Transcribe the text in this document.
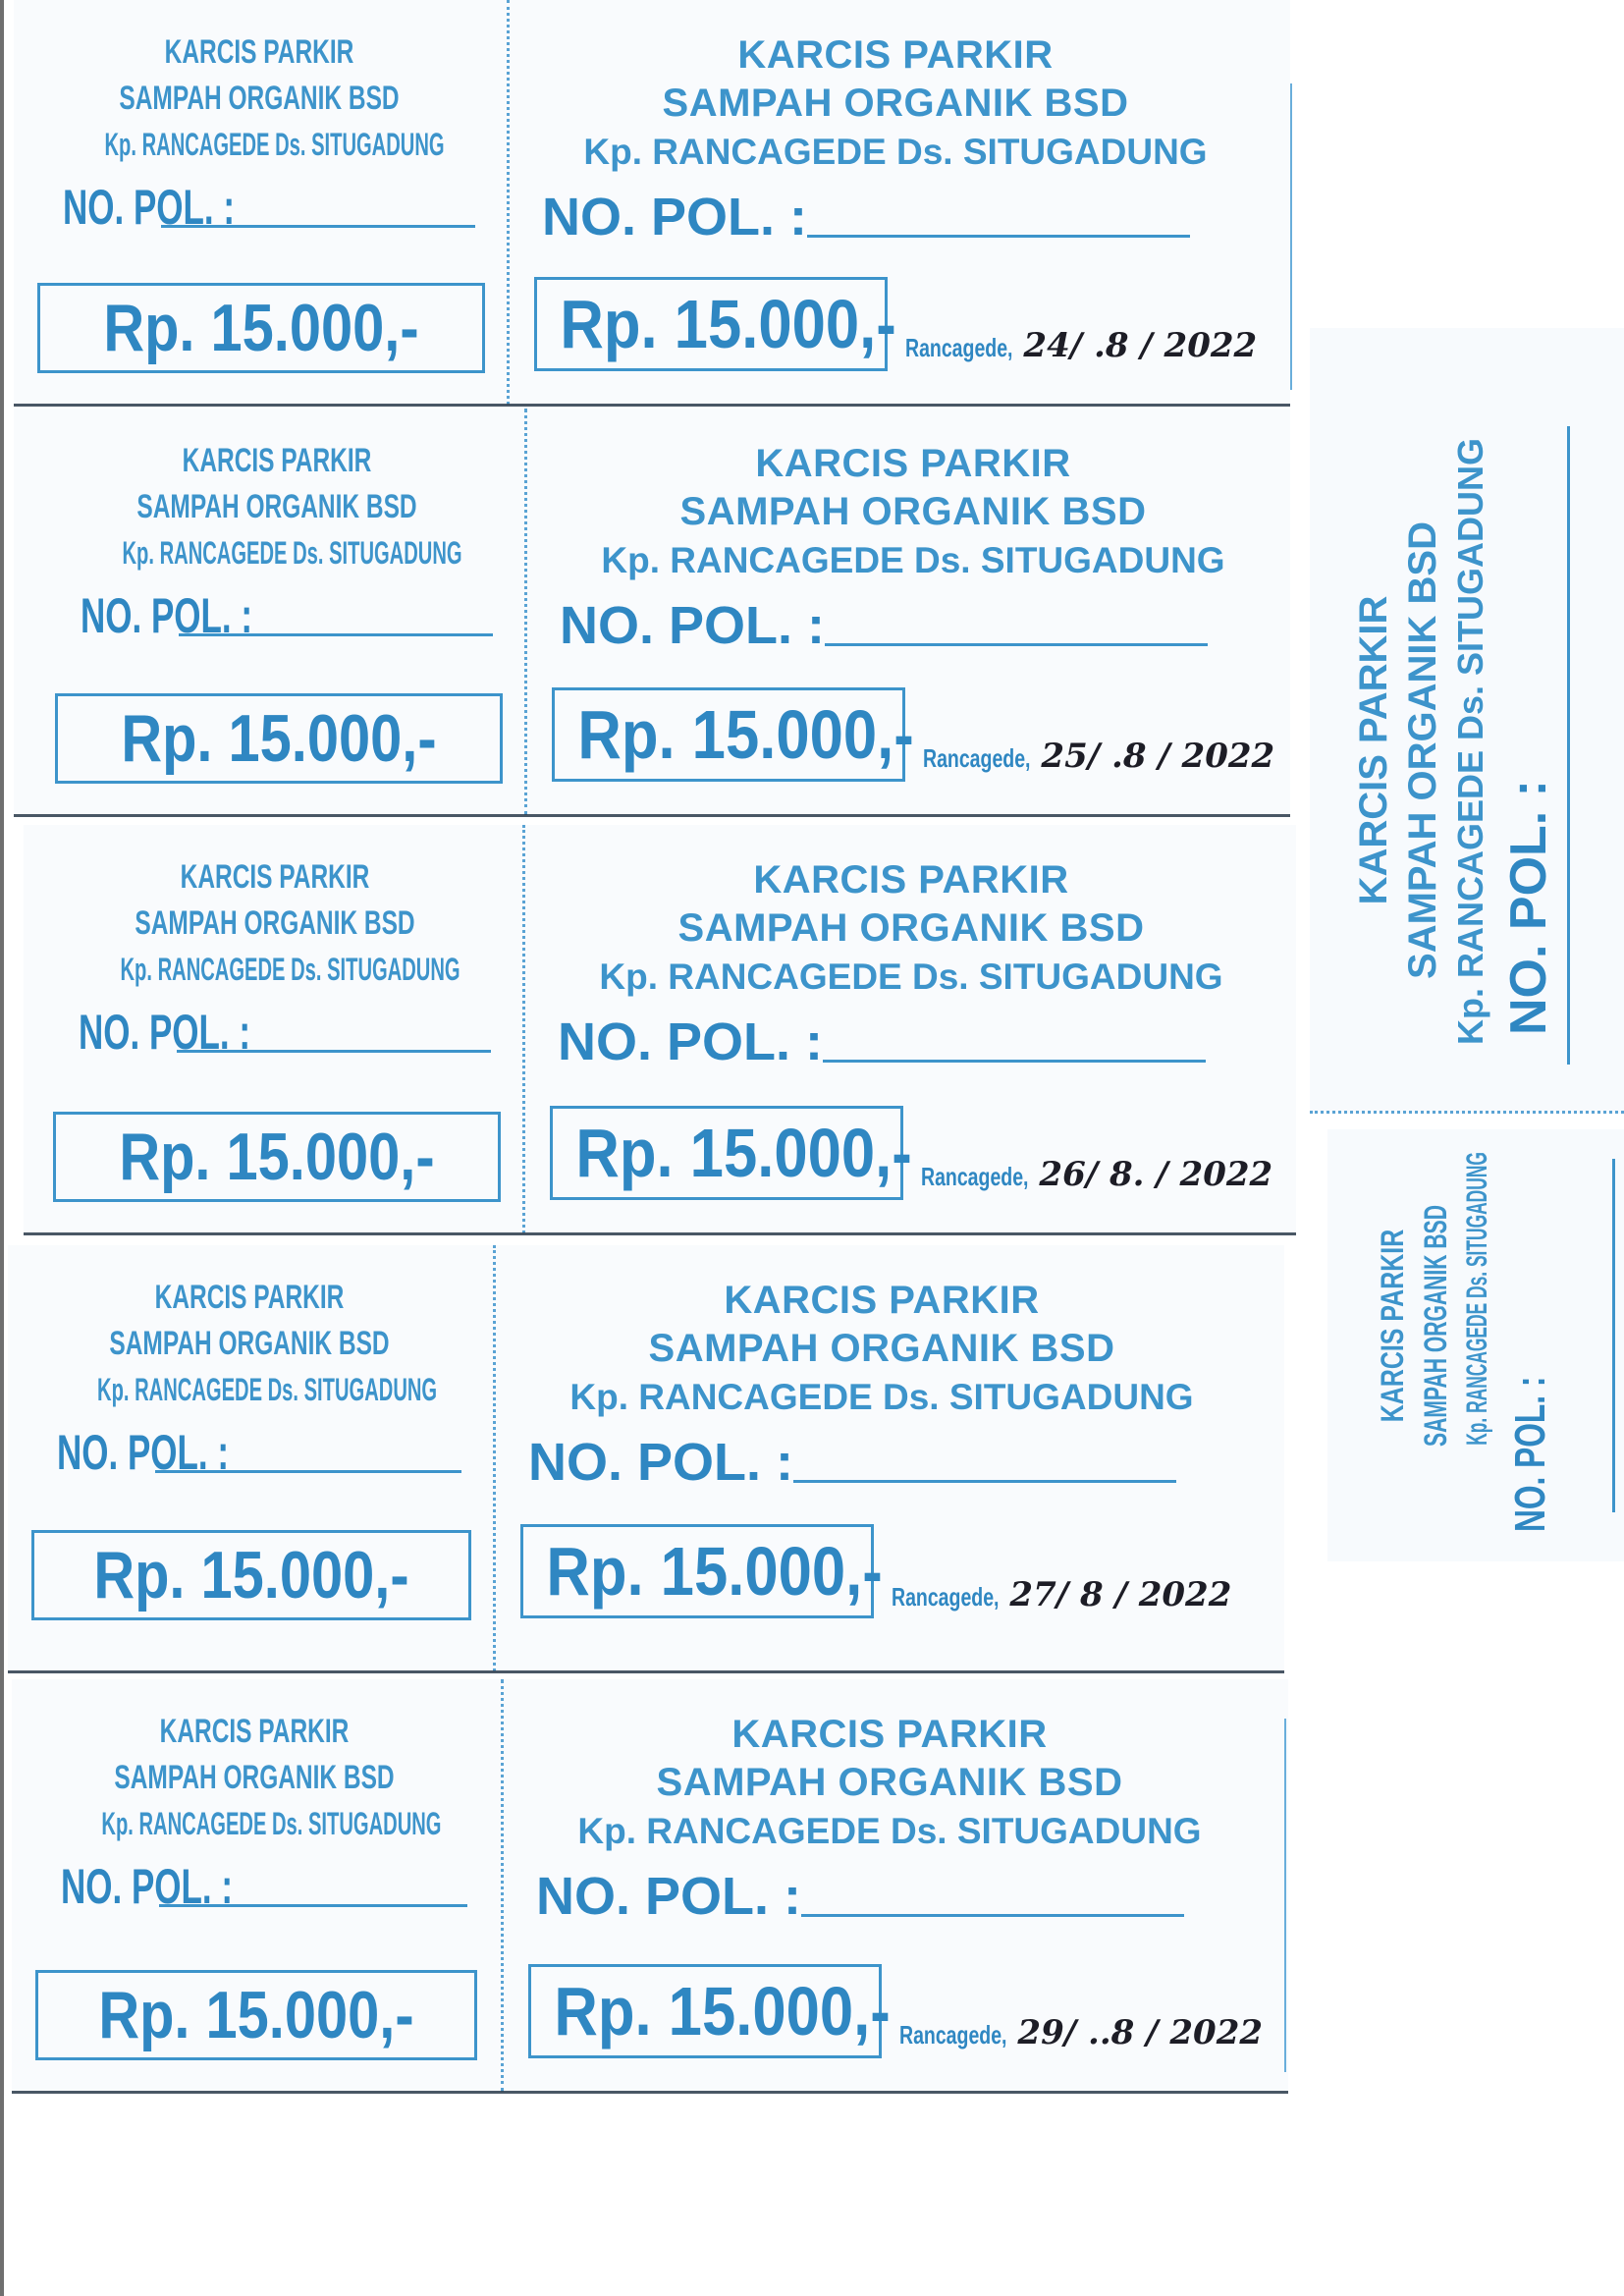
KARCIS PARKIR
SAMPAH ORGANIK BSD
Kp. RANCAGEDE Ds. SITUGADUNG
NO. POL. :
Rp. 15.000,-
KARCIS PARKIR
SAMPAH ORGANIK BSD
Kp. RANCAGEDE Ds. SITUGADUNG
NO. POL. :
Rp. 15.000,- Rancagede, 24/ .8 / 2022
KARCIS PARKIR
SAMPAH ORGANIK BSD
Kp. RANCAGEDE Ds. SITUGADUNG
NO. POL. :
Rp. 15.000,-
KARCIS PARKIR
SAMPAH ORGANIK BSD
Kp. RANCAGEDE Ds. SITUGADUNG
NO. POL. :
Rp. 15.000,- Rancagede, 25/ .8 / 2022
KARCIS PARKIR
SAMPAH ORGANIK BSD
Kp. RANCAGEDE Ds. SITUGADUNG
NO. POL. :
Rp. 15.000,-
KARCIS PARKIR
SAMPAH ORGANIK BSD
Kp. RANCAGEDE Ds. SITUGADUNG
NO. POL. :
Rp. 15.000,- Rancagede, 26/ 8. / 2022
KARCIS PARKIR
SAMPAH ORGANIK BSD
Kp. RANCAGEDE Ds. SITUGADUNG
NO. POL. :
Rp. 15.000,-
KARCIS PARKIR
SAMPAH ORGANIK BSD
Kp. RANCAGEDE Ds. SITUGADUNG
NO. POL. :
Rp. 15.000,- Rancagede, 27/ 8 / 2022
KARCIS PARKIR
SAMPAH ORGANIK BSD
Kp. RANCAGEDE Ds. SITUGADUNG
NO. POL. :
Rp. 15.000,-
KARCIS PARKIR
SAMPAH ORGANIK BSD
Kp. RANCAGEDE Ds. SITUGADUNG
NO. POL. :
Rp. 15.000,- Rancagede, 29/ ..8 / 2022
KARCIS PARKIR SAMPAH ORGANIK BSD Kp. RANCAGEDE Ds. SITUGADUNG NO. POL. :
KARCIS PARKIR SAMPAH ORGANIK BSD Kp. RANCAGEDE Ds. SITUGADUNG
NO. POL. :
